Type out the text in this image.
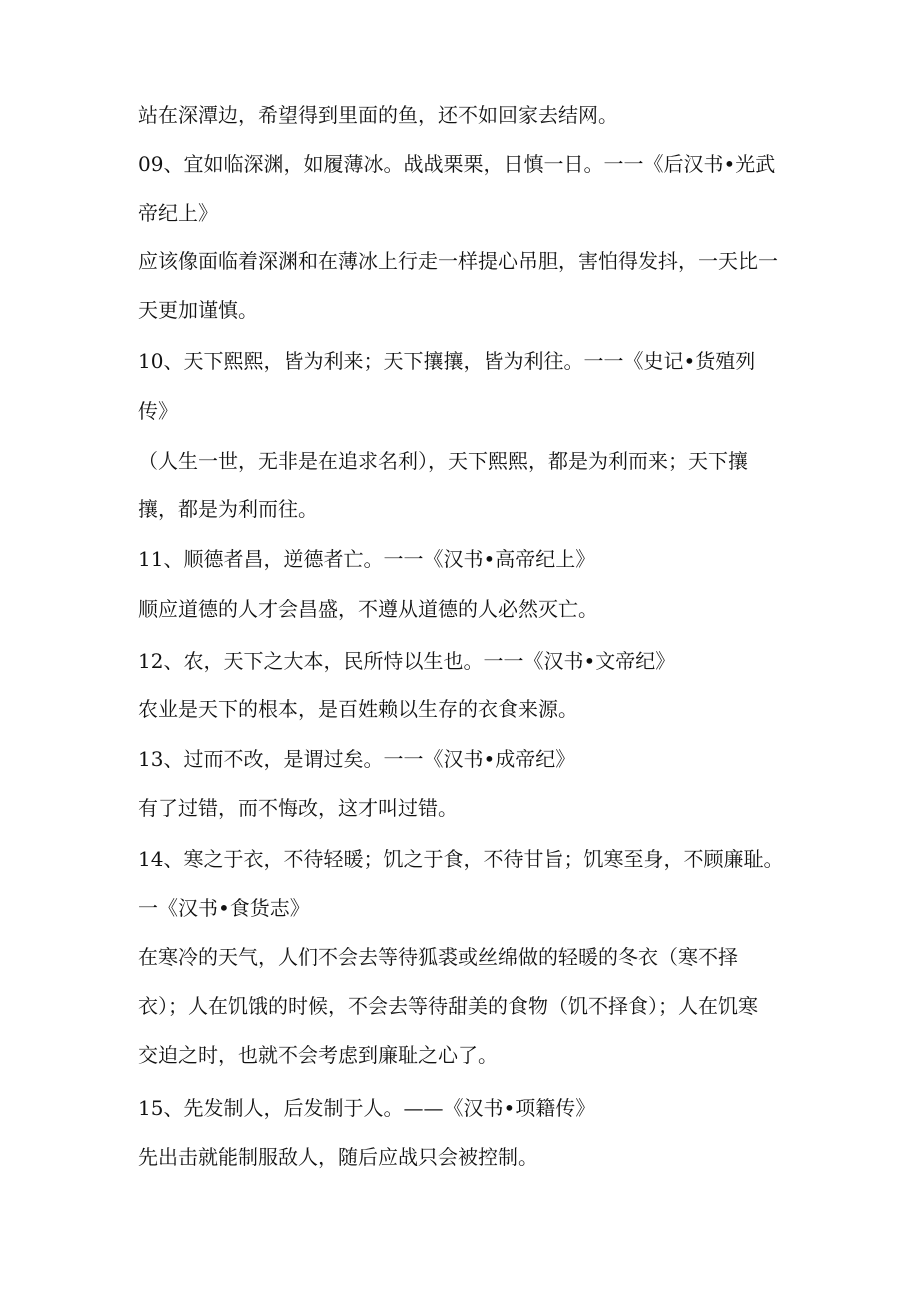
站在深潭边，希望得到里面的鱼，还不如回家去结网。
09、宜如临深渊，如履薄冰。战战栗栗，日慎一日。一一《后汉书•光武
帝纪上》
应该像面临着深渊和在薄冰上行走一样提心吊胆，害怕得发抖，一天比一
天更加谨慎。
10、天下熙熙，皆为利来；天下攘攘，皆为利往。一一《史记•货殖列
传》
（人生一世，无非是在追求名利），天下熙熙，都是为利而来；天下攘
攘，都是为利而往。
11、顺德者昌，逆德者亡。一一《汉书•高帝纪上》
顺应道德的人才会昌盛，不遵从道德的人必然灭亡。
12、农，天下之大本，民所恃以生也。一一《汉书•文帝纪》
农业是天下的根本，是百姓赖以生存的衣食来源。
13、过而不改，是谓过矣。一一《汉书•成帝纪》
有了过错，而不悔改，这才叫过错。
14、寒之于衣，不待轻暖；饥之于食，不待甘旨；饥寒至身，不顾廉耻。
一《汉书•食货志》
在寒冷的天气，人们不会去等待狐裘或丝绵做的轻暖的冬衣（寒不择
衣）；人在饥饿的时候，不会去等待甜美的食物（饥不择食）；人在饥寒
交迫之时，也就不会考虑到廉耻之心了。
15、先发制人，后发制于人。——《汉书•项籍传》
先出击就能制服敌人，随后应战只会被控制。
